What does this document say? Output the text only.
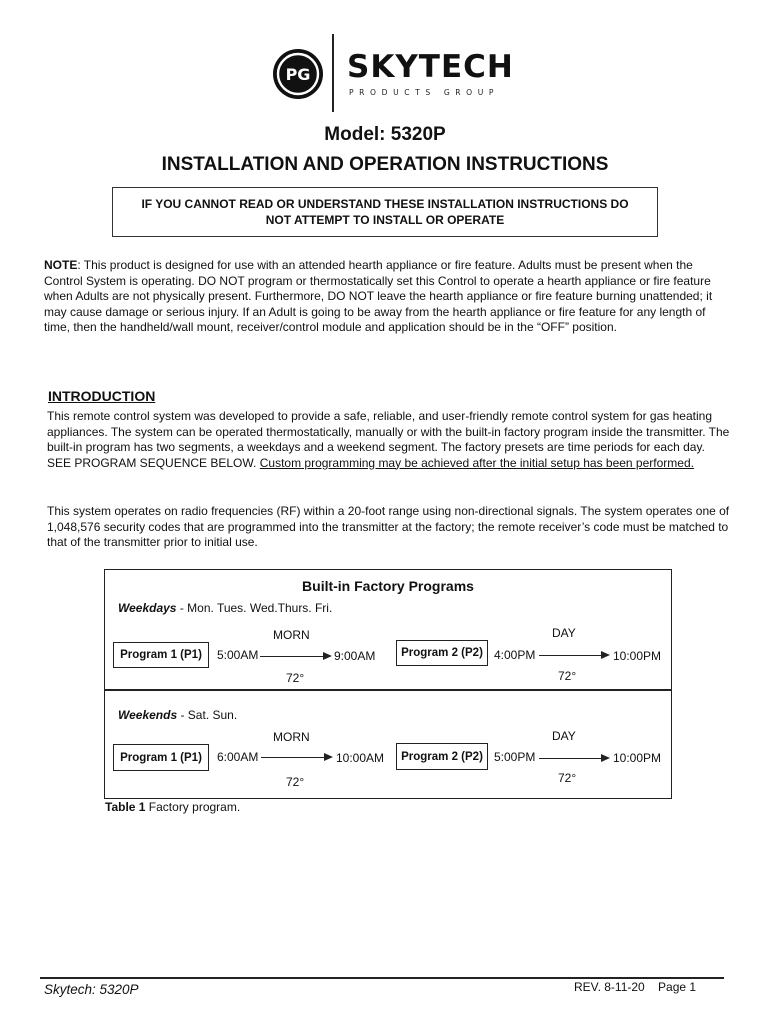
PG SKYTECH
PRODUCTS GROUP
Model: 5320P
INSTALLATION AND OPERATION INSTRUCTIONS
IF YOU CANNOT READ OR UNDERSTAND THESE INSTALLATION INSTRUCTIONS DO NOT ATTEMPT TO INSTALL OR OPERATE
NOTE: This product is designed for use with an attended hearth appliance or fire feature. Adults must be present when the Control System is operating. DO NOT program or thermostatically set this Control to operate a hearth appliance or fire feature when Adults are not physically present. Furthermore, DO NOT leave the hearth appliance or fire feature burning unattended; it may cause damage or serious injury. If an Adult is going to be away from the hearth appliance or fire feature for any length of time, then the handheld/wall mount, receiver/control module and application should be in the “OFF” position.
INTRODUCTION
This remote control system was developed to provide a safe, reliable, and user-friendly remote control system for gas heating appliances. The system can be operated thermostatically, manually or with the built-in factory program inside the transmitter. The built-in program has two segments, a weekdays and a weekend segment. The factory presets are time periods for each day. SEE PROGRAM SEQUENCE BELOW. Custom programming may be achieved after the initial setup has been performed.
This system operates on radio frequencies (RF) within a 20-foot range using non-directional signals. The system operates one of 1,048,576 security codes that are programmed into the transmitter at the factory; the remote receiver’s code must be matched to that of the transmitter prior to initial use.
Built-in Factory Programs
Weekdays - Mon. Tues. Wed.Thurs. Fri.
MORN	DAY
Program 1 (P1)	5:00AM	9:00AM
72°
Program 2 (P2) 4:00PM	10:00PM
72°
Weekends - Sat. Sun.
MORN	DAY
Program 1 (P1)	6:00AM	10:00AM
72°
Program 2 (P2) 5:00PM	10:00PM
72°
Table 1 Factory program.
Skytech: 5320P	REV. 8-11-20    Page 1
